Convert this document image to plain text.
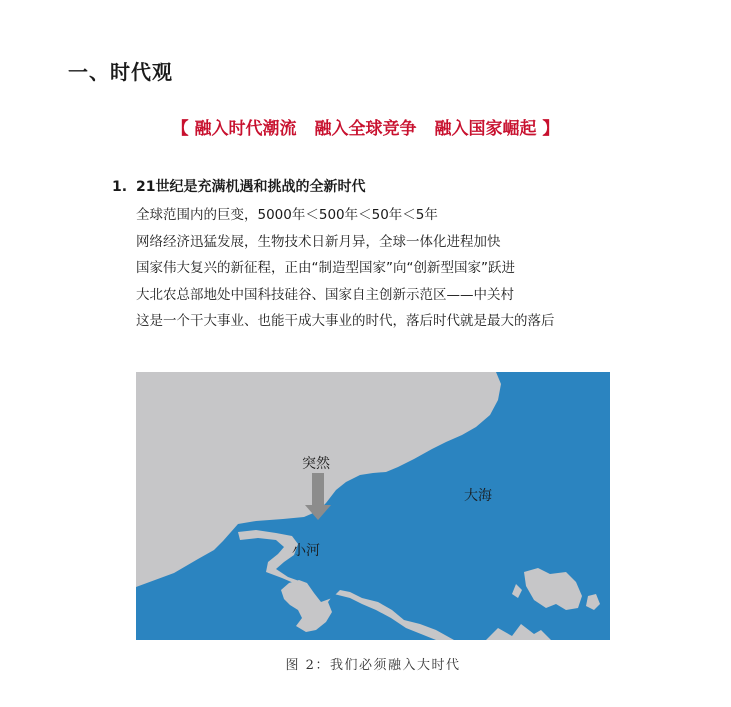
一、时代观
【 融入时代潮流 融入全球竞争 融入国家崛起 】
1. 21世纪是充满机遇和挑战的全新时代
全球范围内的巨变，5000年＜500年＜50年＜5年
网络经济迅猛发展，生物技术日新月异，全球一体化进程加快
国家伟大复兴的新征程，正由“制造型国家”向“创新型国家”跃进
大北农总部地处中国科技硅谷、国家自主创新示范区——中关村
这是一个干大事业、也能干成大事业的时代，落后时代就是最大的落后
突然
小河
大海
图 2：我们必须融入大时代
